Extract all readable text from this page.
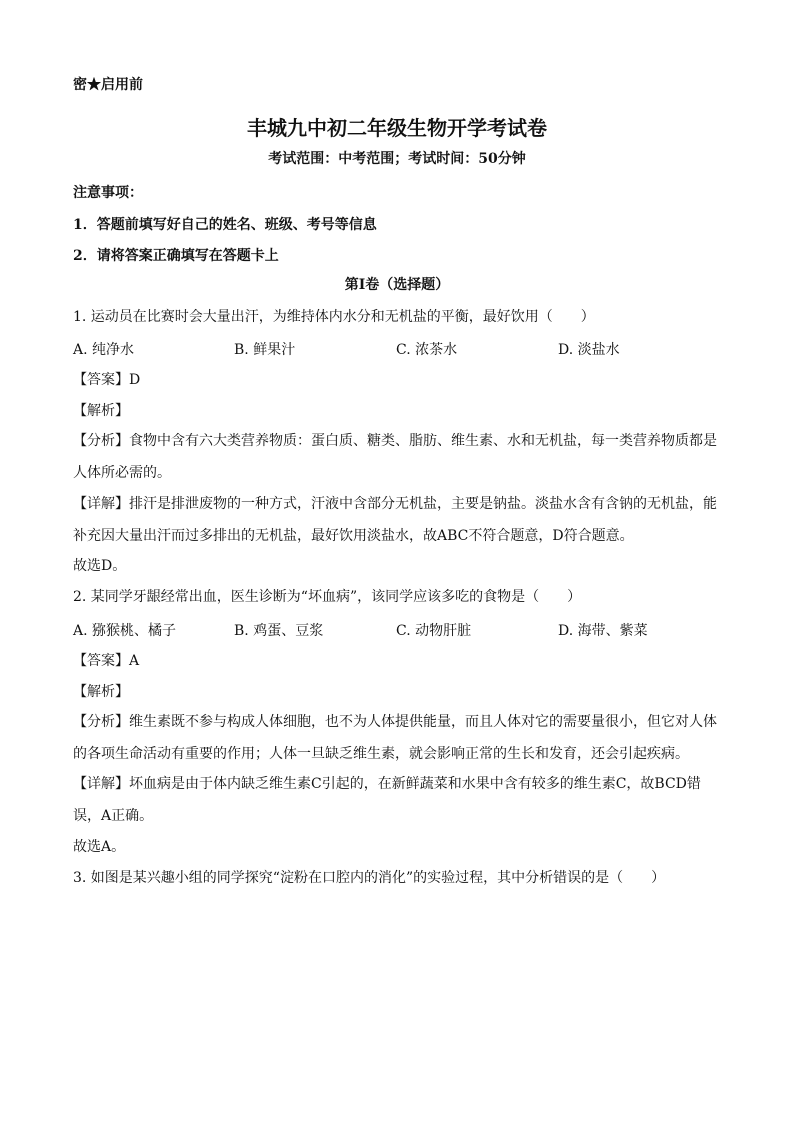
密★启用前
丰城九中初二年级生物开学考试卷
考试范围：中考范围；考试时间：50分钟
注意事项：
1．答题前填写好自己的姓名、班级、考号等信息
2．请将答案正确填写在答题卡上
第I卷（选择题）
1. 运动员在比赛时会大量出汗，为维持体内水分和无机盐的平衡，最好饮用（　　）
A. 纯净水	B. 鲜果汁	C. 浓茶水	D. 淡盐水
【答案】D
【解析】
【分析】食物中含有六大类营养物质：蛋白质、糖类、脂肪、维生素、水和无机盐，每一类营养物质都是人体所必需的。
【详解】排汗是排泄废物的一种方式，汗液中含部分无机盐，主要是钠盐。淡盐水含有含钠的无机盐，能补充因大量出汗而过多排出的无机盐，最好饮用淡盐水，故ABC不符合题意，D符合题意。
故选D。
2. 某同学牙龈经常出血，医生诊断为“坏血病”，该同学应该多吃的食物是（　　）
A. 猕猴桃、橘子	B. 鸡蛋、豆浆	C. 动物肝脏	D. 海带、紫菜
【答案】A
【解析】
【分析】维生素既不参与构成人体细胞，也不为人体提供能量，而且人体对它的需要量很小，但它对人体的各项生命活动有重要的作用；人体一旦缺乏维生素，就会影响正常的生长和发育，还会引起疾病。
【详解】坏血病是由于体内缺乏维生素C引起的，在新鲜蔬菜和水果中含有较多的维生素C，故BCD错误，A正确。
故选A。
3. 如图是某兴趣小组的同学探究“淀粉在口腔内的消化”的实验过程，其中分析错误的是（　　）
